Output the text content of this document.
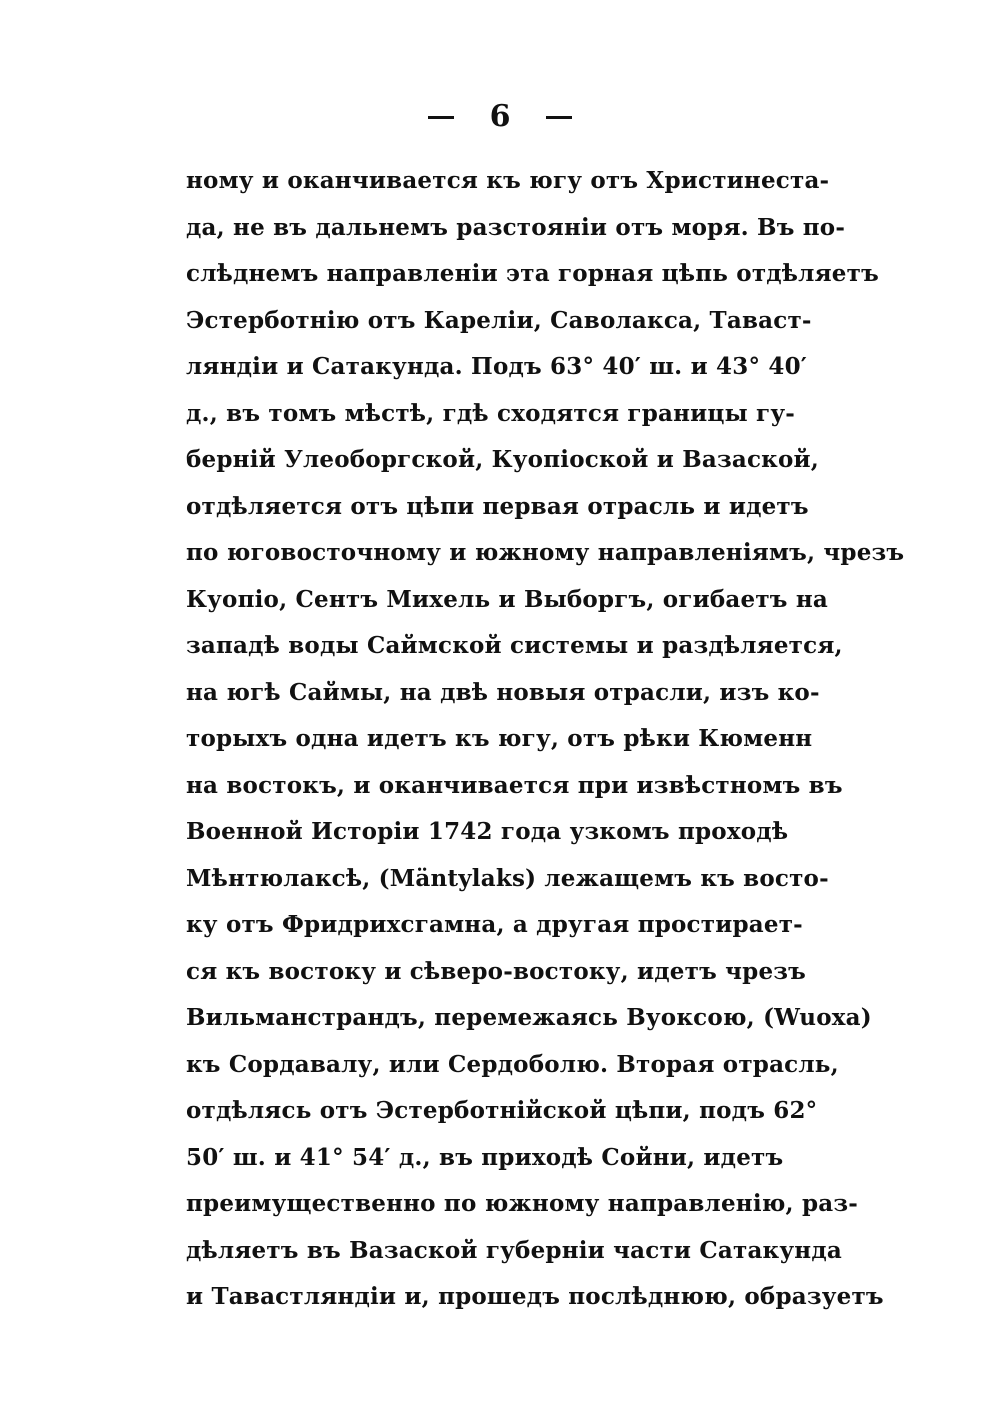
6
ному и оканчивается къ югу отъ Христинеста-
да, не въ дальнемъ разстояніи отъ моря. Въ по-
слѣднемъ направленіи эта горная цѣпь отдѣляетъ
Эстерботнію отъ Кареліи, Саволакса, Таваст-
ляндіи и Сатакунда. Подъ 63° 40′ ш. и 43° 40′
д., въ томъ мѣстѣ, гдѣ сходятся границы гу-
берній Улеоборгской, Куопіоской и Вазаской,
отдѣляется отъ цѣпи первая отрасль и идетъ
по юговосточному и южному направленіямъ, чрезъ
Куопіо, Сентъ Михель и Выборгъ, огибаетъ на
западѣ воды Саймской системы и раздѣляется,
на югѣ Саймы, на двѣ новыя отрасли, изъ ко-
торыхъ одна идетъ къ югу, отъ рѣки Кюменн
на востокъ, и оканчивается при извѣстномъ въ
Военной Исторіи 1742 года узкомъ проходѣ
Мѣнтюлаксѣ, (Mäntylaks) лежащемъ къ восто-
ку отъ Фридрихсгамна, а другая простирает-
ся къ востоку и сѣверо-востоку, идетъ чрезъ
Вильманстрандъ, перемежаясь Вуоксою, (Wuoxa)
къ Сордавалу, или Сердоболю. Вторая отрасль,
отдѣлясь отъ Эстерботнійской цѣпи, подъ 62°
50′ ш. и 41° 54′ д., въ приходѣ Сойни, идетъ
преимущественно по южному направленію, раз-
дѣляетъ въ Вазаской губерніи части Сатакунда
и Тавастляндіи и, прошедъ послѣднюю, образуетъ
